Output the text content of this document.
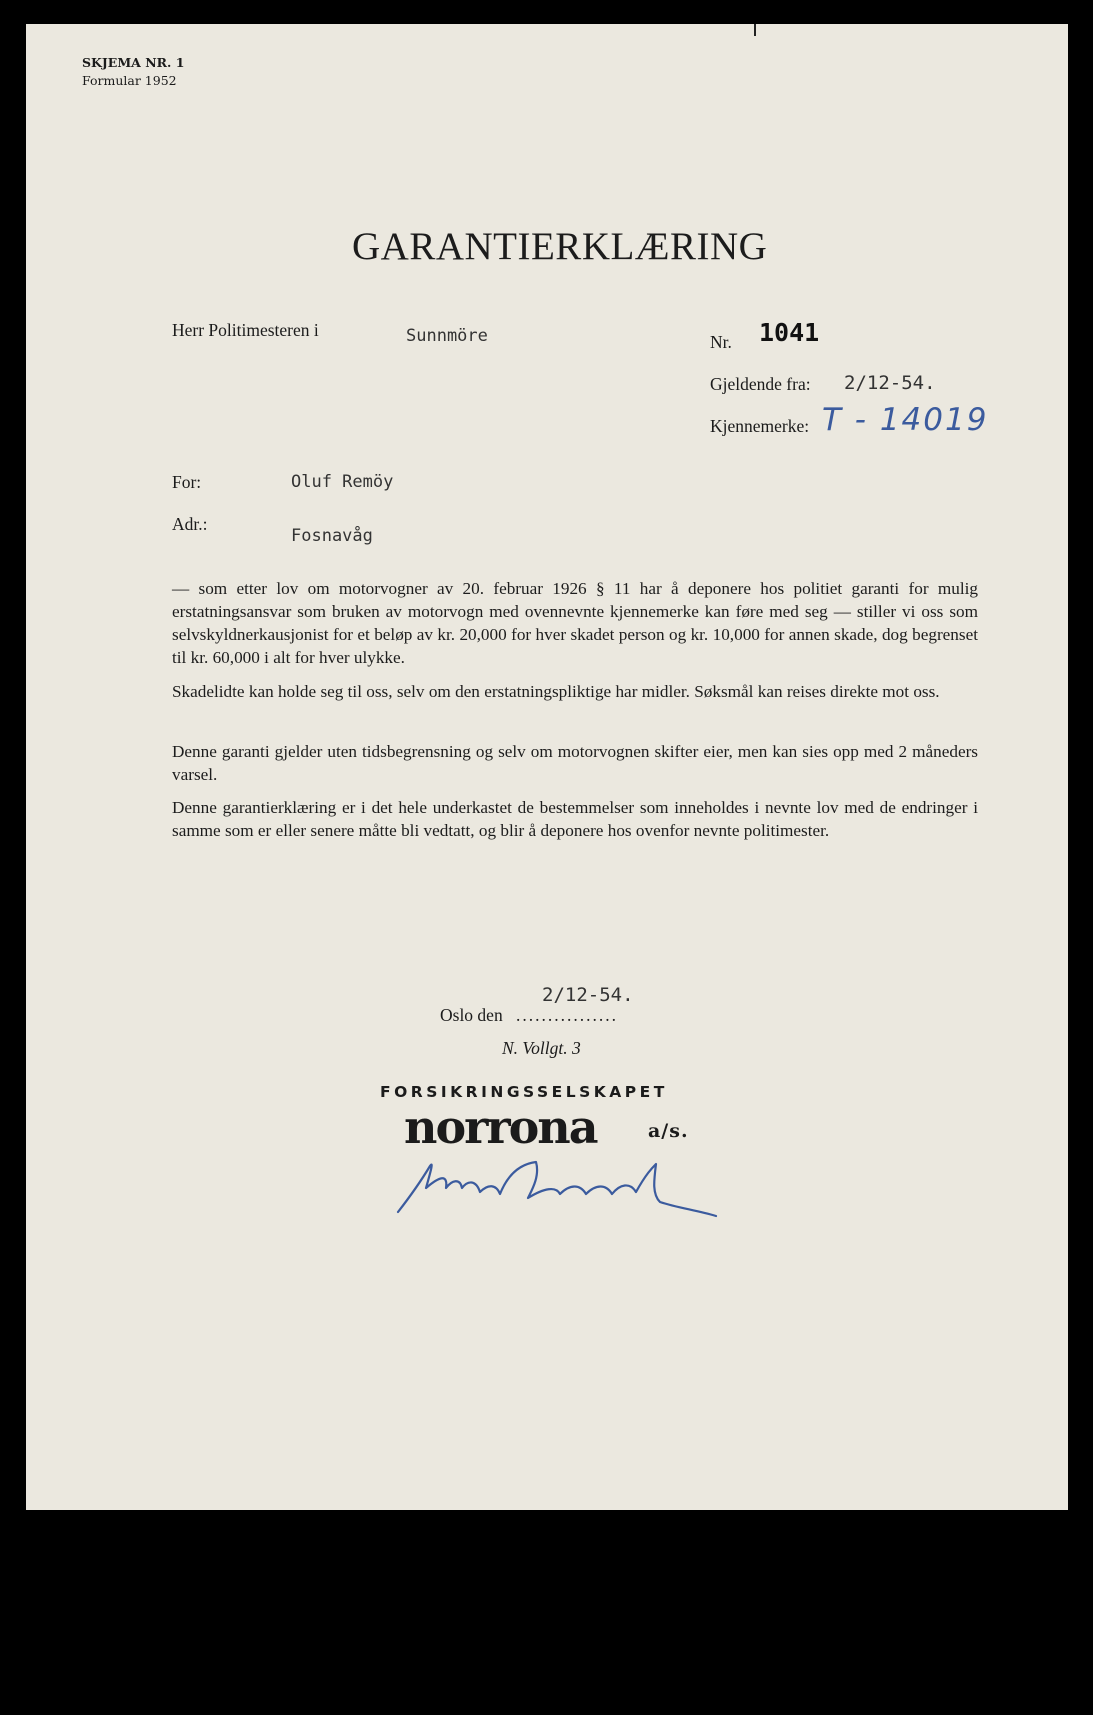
SKJEMA NR. 1
Formular 1952
GARANTIERKLÆRING
Herr Politimesteren i	Sunnmöre	Nr. 1041
Gjeldende fra: 2/12-54.
Kjennemerke: T - 14019
For:	Oluf Remöy
Adr.:
Fosnavåg
— som etter lov om motorvogner av 20. februar 1926 § 11 har å deponere hos politiet garanti for mulig erstatningsansvar som bruken av motorvogn med ovennevnte kjennemerke kan føre med seg — stiller vi oss som selvskyldnerkausjonist for et beløp av kr. 20,000 for hver skadet person og kr. 10,000 for annen skade, dog begrenset til kr. 60,000 i alt for hver ulykke.
Skadelidte kan holde seg til oss, selv om den erstatningspliktige har midler. Søksmål kan reises direkte mot oss.
Denne garanti gjelder uten tidsbegrensning og selv om motorvognen skifter eier, men kan sies opp med 2 måneders varsel.
Denne garantierklæring er i det hele underkastet de bestemmelser som inneholdes i nevnte lov med de endringer i samme som er eller senere måtte bli vedtatt, og blir å deponere hos ovenfor nevnte politimester.
2/12-54.
Oslo den ................
N. Vollgt. 3
FORSIKRINGSSELSKAPET
norrona	a/s.
